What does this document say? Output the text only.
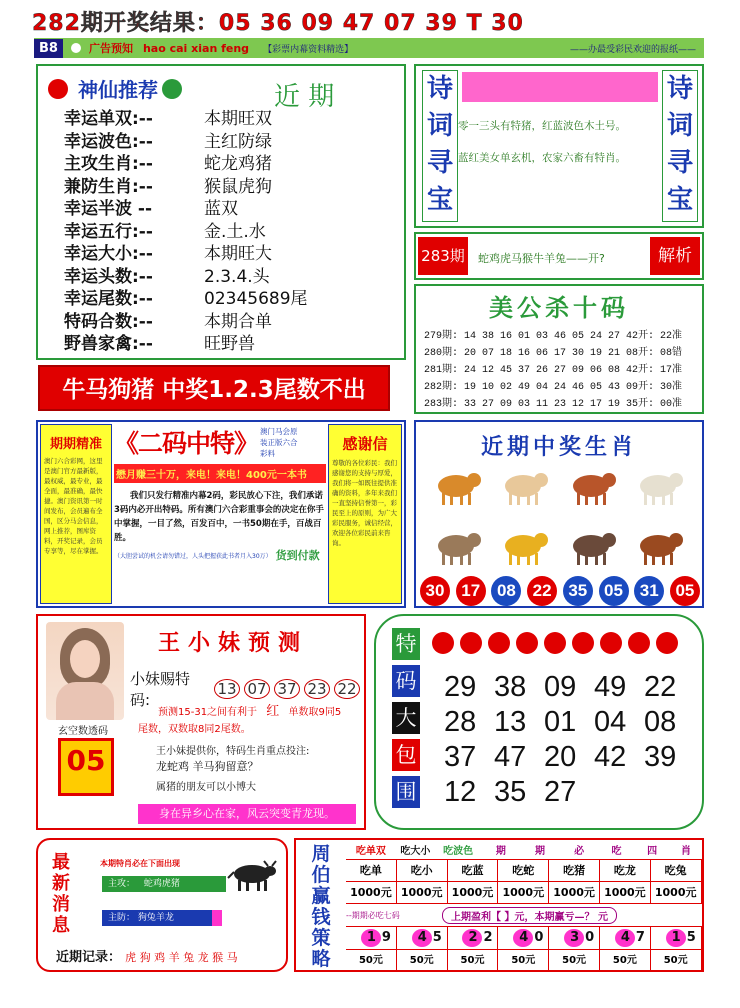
282期开奖结果：05 36 09 47 07 39 T 30
B8	广告预知 hao cai xian feng 【彩票内幕资料精选】	——办最受彩民欢迎的报纸——
神仙推荐	近 期
幸运单双:--	本期旺双
幸运波色:--	主红防绿
主攻生肖:--	蛇龙鸡猪
兼防生肖:--	猴鼠虎狗
幸运半波 --	蓝双
幸运五行:--	金.土.水
幸运大小:--	本期旺大
幸运头数:--	2.3.4.头
幸运尾数:--	02345689尾
特码合数:--	本期合单
野兽家禽:--	旺野兽
牛马狗猪 中奖1.2.3尾数不出
诗
词
寻
宝
诗
词
寻
宝
零一三头有特猪，红蓝波色木土号。
蓝红美女单玄机，农家六畜有特肖。
283期 蛇鸡虎马猴牛羊兔——开?	解析
美公杀十码
279期: 14 38 16 01 03 46 05 24 27 42开: 22准
280期: 20 07 18 16 06 17 30 19 21 08开: 08错
281期: 24 12 45 37 26 27 09 06 08 42开: 17准
282期: 19 10 02 49 04 24 46 05 43 09开: 30准
283期: 33 27 09 03 11 23 12 17 19 35开: 00准
期期精准
澳门六合彩网，这里是澳门官方最新版，最权威，最专业，最全面，最准确，最快捷。澳门资讯第一时间发布，会员遍布全国，区分马会信息，网上推荐，图库资料，开奖记录，会员专享等，尽在掌握。
《二码中特》 澳门马会原装正版六合彩料
懋月赚三十万，来电！来电！400元一本书
我们只发行精准内幕2码，彩民放心下注，我们承诺3码内必开出特码。所有澳门六合彩重事会的决定在你手中掌握，一目了然，百发百中，一书50期在手，百战百胜。
（大胆尝试的机会请勿错过，人头把握获此书者月入30万） 货到付款
感谢信
尊敬的各位彩民：我们感谢您的支持与厚爱，我们将一如既往提供准确的资料，多年来我们一直坚持信誉第一，彩民至上的原则，为广大彩民服务，诚信经营，欢迎各位彩民前来咨询。
近期中奖生肖
30 17 08 22 35 05 31 05
王小妹预测
小妹赐特码:
13 07 37 23 22
预测15-31之间有利于 红 单数取9同5
尾数，双数取8同2尾数。
王小妹提供你，特码生肖重点投注:
龙蛇鸡 羊马狗留意？
属猪的朋友可以小博大
玄空数透码
05
身在异乡心在家，风云突变青龙现。
特
码
大
包
围
29 38 09 49 22
28 13 01 04 08
37 47 20 42 39
12 35 27
最新消息
本期特肖必在下面出现
主攻： 蛇鸡虎猪
主防： 狗兔羊龙
近期记录： 虎 狗 鸡 羊 兔 龙 猴 马
周
伯
赢
钱
策
略
吃单双	吃大小	吃波色	期	期	必	吃	四	肖
吃单	吃小	吃蓝	吃蛇	吃猪	吃龙	吃兔
1000元 1000元 1000元 1000元 1000元 1000元 1000元
--期期必吃七码	上期盈利【 】元，本期赢亏—？ 元
19	45	22	40	30	47	15
50元	50元	50元	50元	50元	50元	50元
